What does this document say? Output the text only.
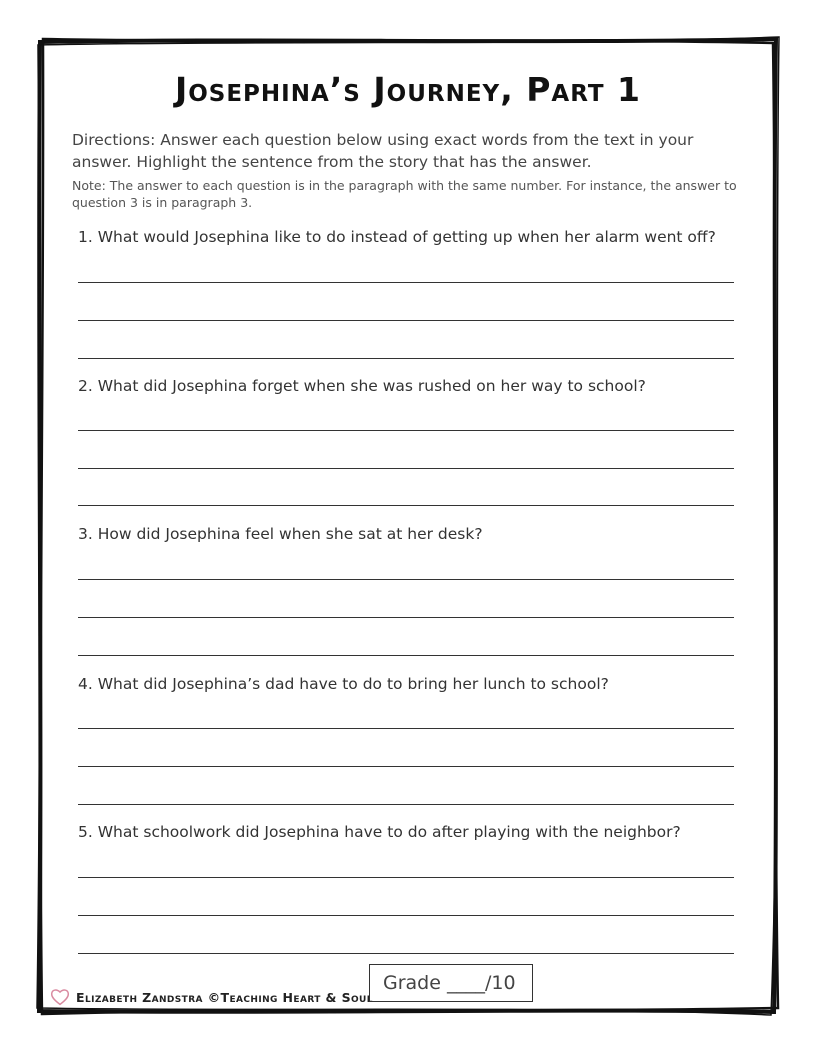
Josephina’s Journey, Part 1
Directions: Answer each question below using exact words from the text in your answer. Highlight the sentence from the story that has the answer.
Note: The answer to each question is in the paragraph with the same number. For instance, the answer to question 3 is in paragraph 3.
1. What would Josephina like to do instead of getting up when her alarm went off?
2. What did Josephina forget when she was rushed on her way to school?
3. How did Josephina feel when she sat at her desk?
4. What did Josephina’s dad have to do to bring her lunch to school?
5. What schoolwork did Josephina have to do after playing with the neighbor?
Elizabeth Zandstra ©Teaching Heart & Soul
Grade ____/10
